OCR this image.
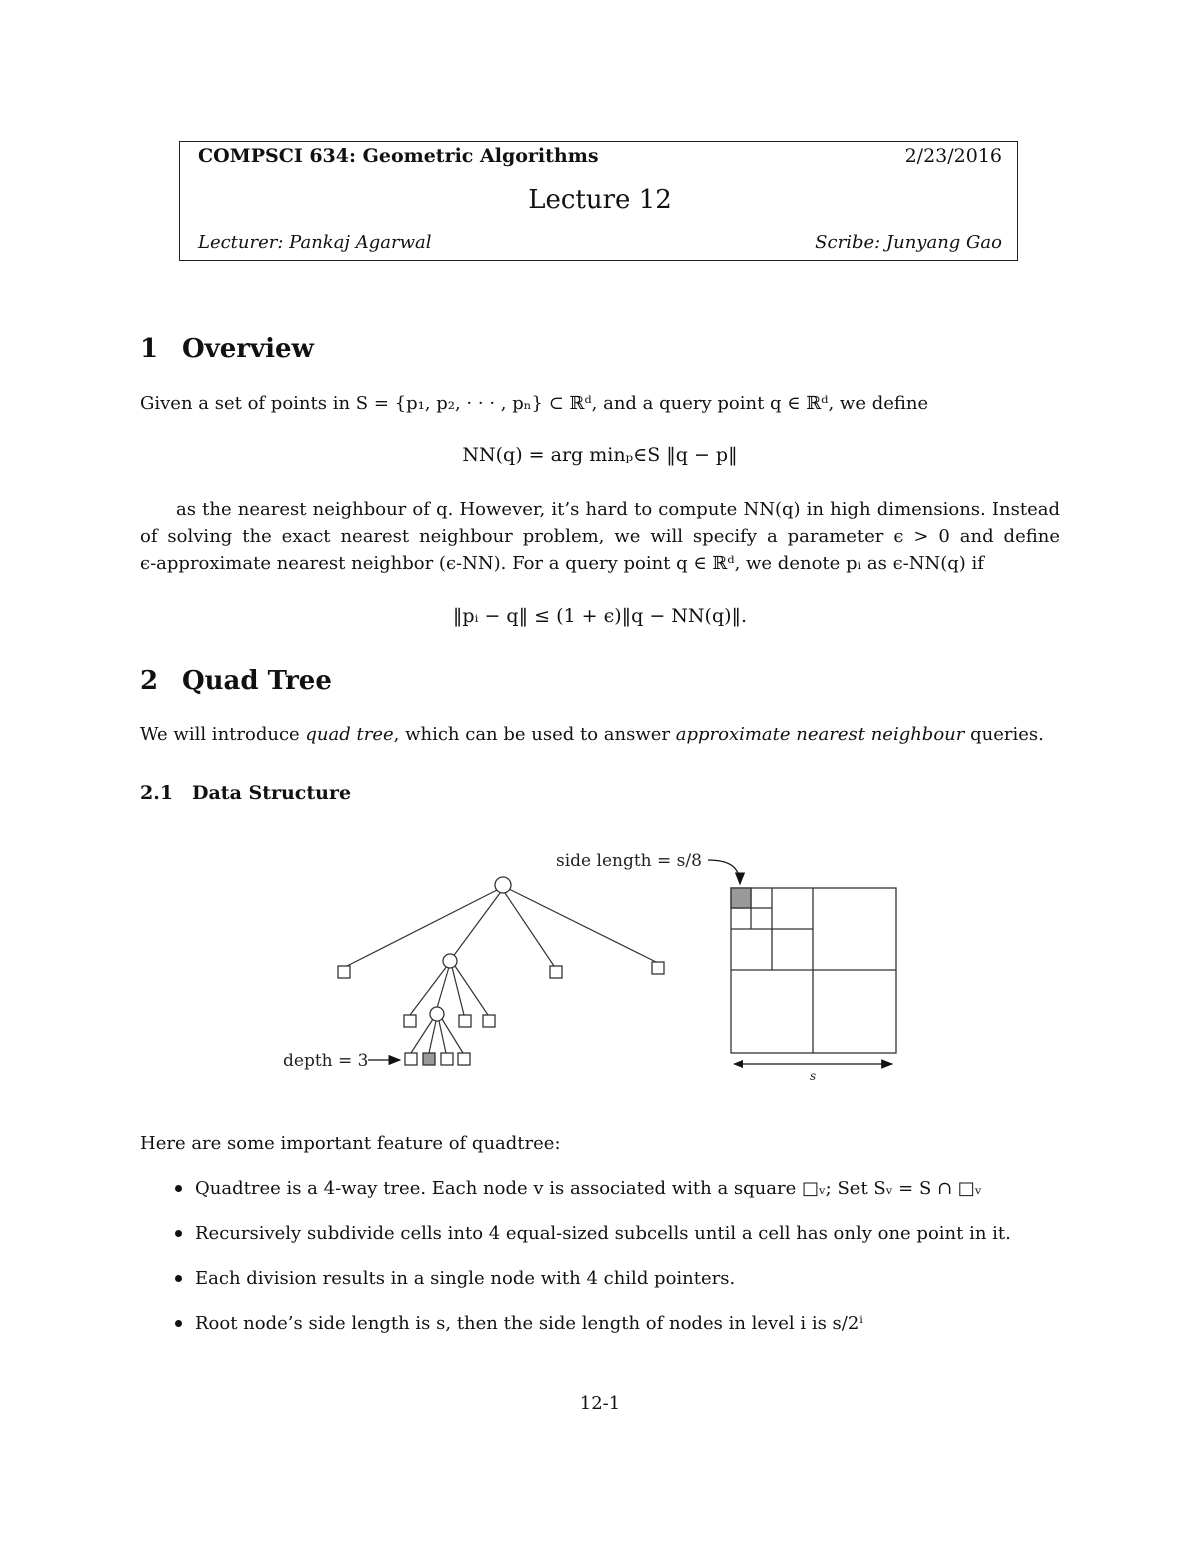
COMPSCI 634: Geometric Algorithms	2/23/2016
Lecture 12
Lecturer: Pankaj Agarwal	Scribe: Junyang Gao
1 Overview

Given a set of points in S = {p₁, p₂, · · · , pₙ} ⊂ ℝᵈ, and a query point q ∈ ℝᵈ, we define

NN(q) = arg minₚ∈S ‖q − p‖

as the nearest neighbour of q. However, it’s hard to compute NN(q) in high dimensions. Instead

of solving the exact nearest neighbour problem, we will specify a parameter ϵ > 0 and define

ϵ-approximate nearest neighbor (ϵ-NN). For a query point q ∈ ℝᵈ, we denote pᵢ as ϵ-NN(q) if

‖pᵢ − q‖ ≤ (1 + ϵ)‖q − NN(q)‖.
2 Quad Tree

We will introduce quad tree, which can be used to answer approximate nearest neighbour queries.

2.1 Data Structure
depth = 3
side length = s/8
s

Here are some important feature of quadtree:

Quadtree is a 4-way tree. Each node v is associated with a square □ᵥ; Set Sᵥ = S ∩ □ᵥ
Recursively subdivide cells into 4 equal-sized subcells until a cell has only one point in it.
Each division results in a single node with 4 child pointers.
Root node’s side length is s, then the side length of nodes in level i is s/2ⁱ
12-1
